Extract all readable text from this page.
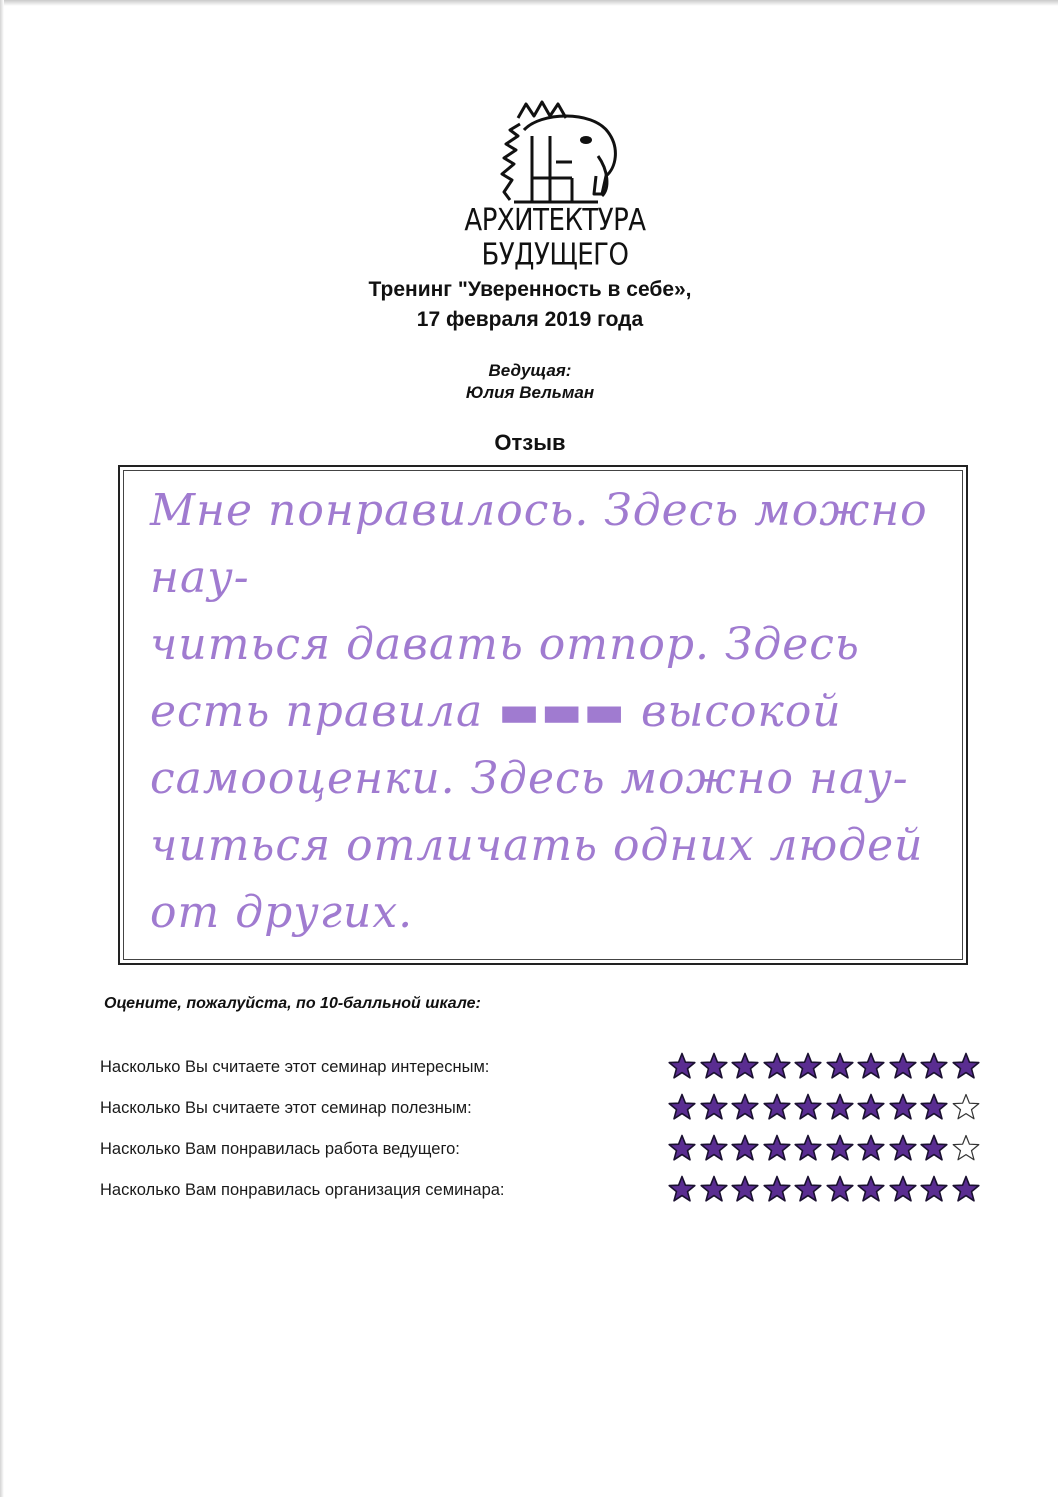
АРХИТЕКТУРА БУДУЩЕГО
Тренинг "Уверенность в себе»,
17 февраля 2019 года
Ведущая:
Юлия Вельман
Отзыв
Мне понравилось. Здесь можно нау-
читься давать отпор. Здесь
есть правила ▬▬▬ высокой
самооценки. Здесь можно нау-
читься отличать одних людей
от других.
Оцените, пожалуйста, по 10-балльной шкале:
Насколько Вы считаете этот семинар интересным:
Насколько Вы считаете этот семинар полезным:
Насколько Вам понравилась работа ведущего:
Насколько Вам понравилась организация семинара:
